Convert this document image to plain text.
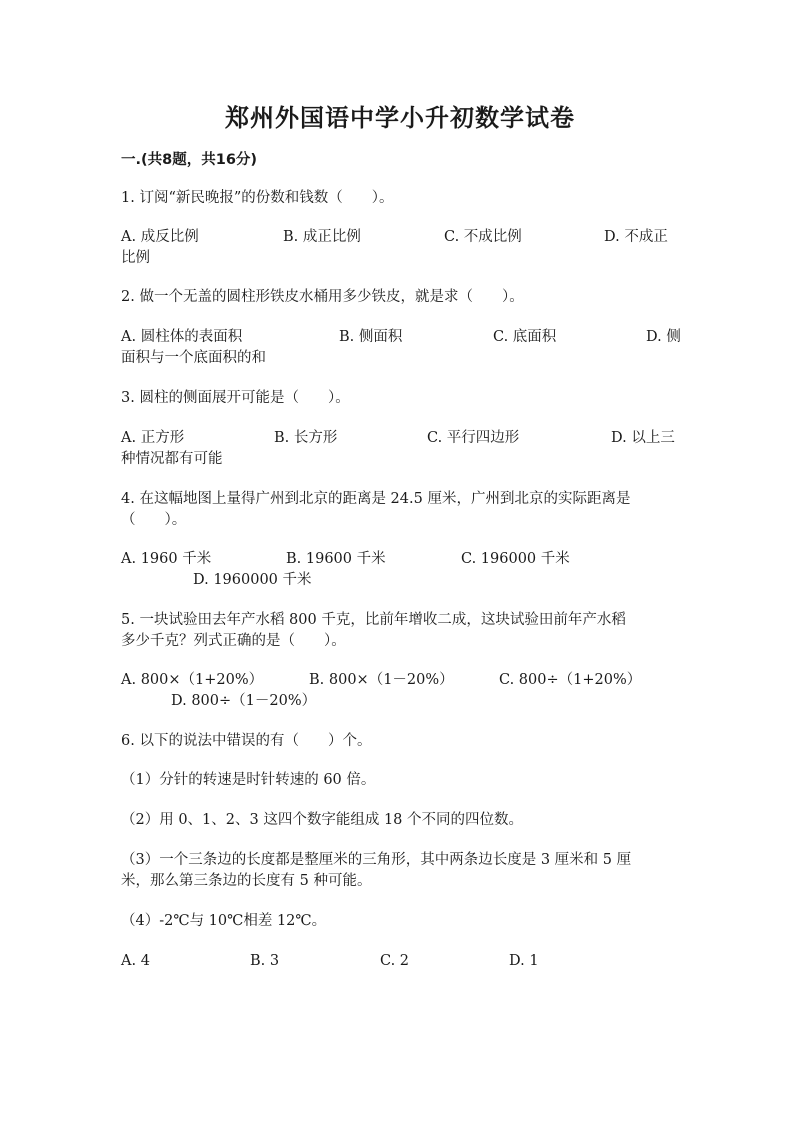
郑州外国语中学小升初数学试卷
一.(共8题，共16分)
1. 订阅“新民晚报”的份数和钱数（　　）。
A. 成反比例	B. 成正比例	C. 不成比例	D. 不成正
比例
2. 做一个无盖的圆柱形铁皮水桶用多少铁皮，就是求（　　）。
A. 圆柱体的表面积	B. 侧面积	C. 底面积	D. 侧
面积与一个底面积的和
3. 圆柱的侧面展开可能是（　　）。
A. 正方形	B. 长方形	C. 平行四边形	D. 以上三
种情况都有可能
4. 在这幅地图上量得广州到北京的距离是 24.5 厘米，广州到北京的实际距离是
（　　）。
A. 1960 千米	B. 19600 千米	C. 196000 千米
D. 1960000 千米
5. 一块试验田去年产水稻 800 千克，比前年增收二成，这块试验田前年产水稻
多少千克？列式正确的是（　　）。
A. 800×（1+20%）	B. 800×（1－20%）	C. 800÷（1+20%）
D. 800÷（1－20%）
6. 以下的说法中错误的有（　　）个。
（1）分针的转速是时针转速的 60 倍。
（2）用 0、1、2、3 这四个数字能组成 18 个不同的四位数。
（3）一个三条边的长度都是整厘米的三角形，其中两条边长度是 3 厘米和 5 厘
米，那么第三条边的长度有 5 种可能。
（4）-2℃与 10℃相差 12℃。
A. 4	B. 3	C. 2	D. 1
